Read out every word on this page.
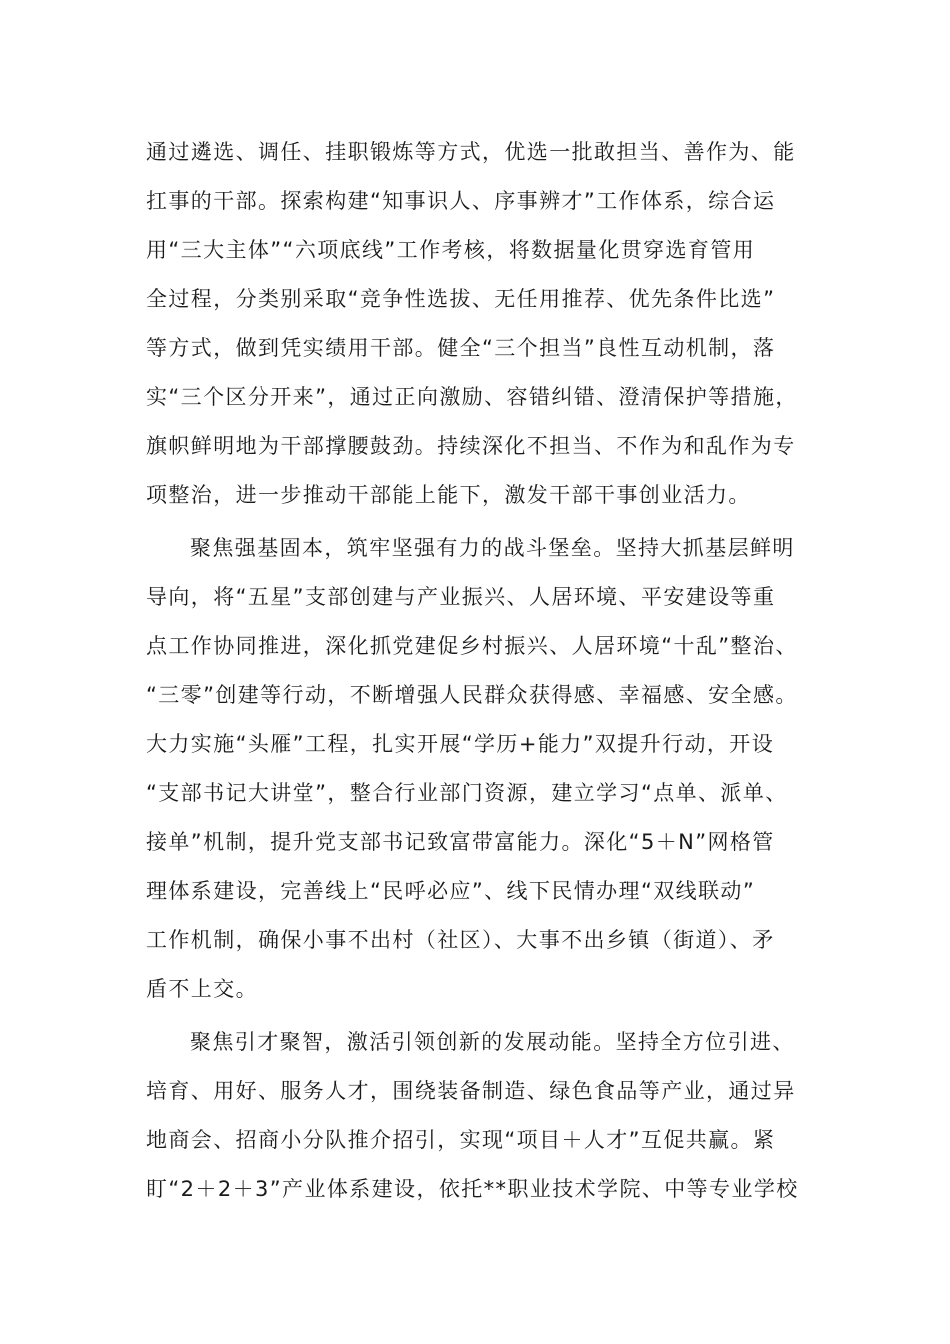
通过遴选、调任、挂职锻炼等方式，优选一批敢担当、善作为、能
扛事的干部。探索构建“知事识人、序事辨才”工作体系，综合运
用“三大主体”“六项底线”工作考核，将数据量化贯穿选育管用
全过程，分类别采取“竞争性选拔、无任用推荐、优先条件比选”
等方式，做到凭实绩用干部。健全“三个担当”良性互动机制，落
实“三个区分开来”，通过正向激励、容错纠错、澄清保护等措施，
旗帜鲜明地为干部撑腰鼓劲。持续深化不担当、不作为和乱作为专
项整治，进一步推动干部能上能下，激发干部干事创业活力。
聚焦强基固本，筑牢坚强有力的战斗堡垒。坚持大抓基层鲜明
导向，将“五星”支部创建与产业振兴、人居环境、平安建设等重
点工作协同推进，深化抓党建促乡村振兴、人居环境“十乱”整治、
“三零”创建等行动，不断增强人民群众获得感、幸福感、安全感。
大力实施“头雁”工程，扎实开展“学历+能力”双提升行动，开设
“支部书记大讲堂”，整合行业部门资源，建立学习“点单、派单、
接单”机制，提升党支部书记致富带富能力。深化“5＋N”网格管
理体系建设，完善线上“民呼必应”、线下民情办理“双线联动”
工作机制，确保小事不出村（社区）、大事不出乡镇（街道）、矛
盾不上交。
聚焦引才聚智，激活引领创新的发展动能。坚持全方位引进、
培育、用好、服务人才，围绕装备制造、绿色食品等产业，通过异
地商会、招商小分队推介招引，实现“项目＋人才”互促共赢。紧
盯“2＋2＋3”产业体系建设，依托**职业技术学院、中等专业学校
